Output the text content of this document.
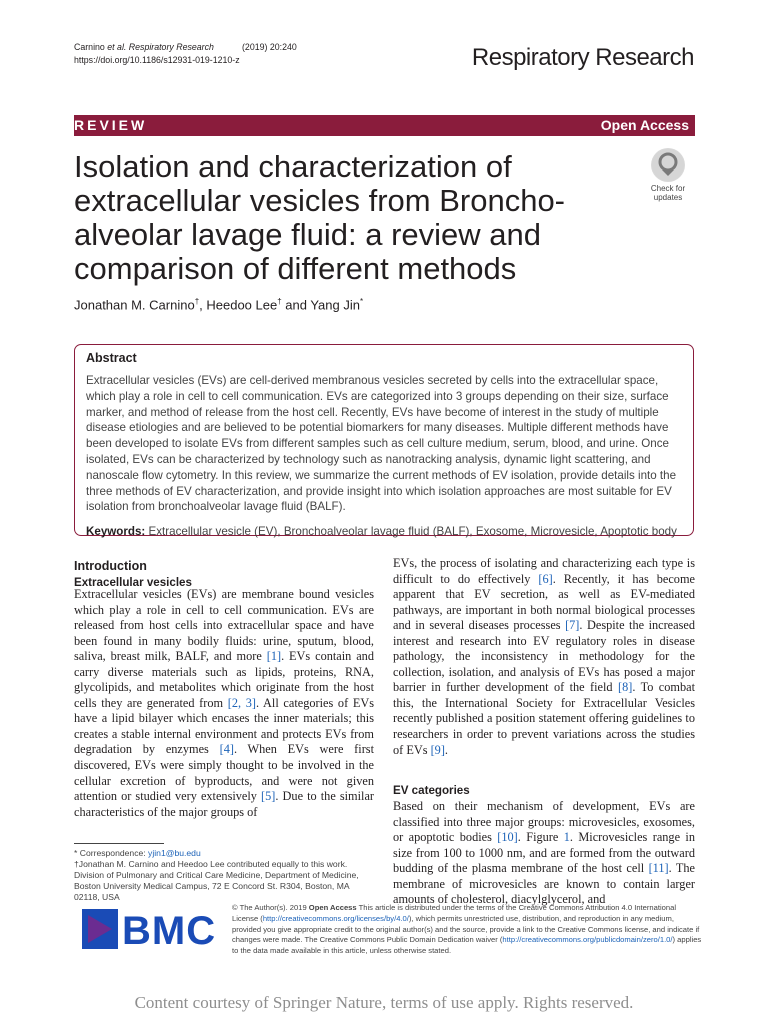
Carnino et al. Respiratory Research	(2019) 20:240
https://doi.org/10.1186/s12931-019-1210-z	Respiratory Research
REVIEW	Open Access
Isolation and characterization of extracellular vesicles from Broncho-alveolar lavage fluid: a review and comparison of different methods
Check for
updates
Jonathan M. Carnino†, Heedoo Lee† and Yang Jin*
Abstract
Extracellular vesicles (EVs) are cell-derived membranous vesicles secreted by cells into the extracellular space, which play a role in cell to cell communication. EVs are categorized into 3 groups depending on their size, surface marker, and method of release from the host cell. Recently, EVs have become of interest in the study of multiple disease etiologies and are believed to be potential biomarkers for many diseases. Multiple different methods have been developed to isolate EVs from different samples such as cell culture medium, serum, blood, and urine. Once isolated, EVs can be characterized by technology such as nanotracking analysis, dynamic light scattering, and nanoscale flow cytometry. In this review, we summarize the current methods of EV isolation, provide details into the three methods of EV characterization, and provide insight into which isolation approaches are most suitable for EV isolation from bronchoalveolar lavage fluid (BALF).
Keywords: Extracellular vesicle (EV), Bronchoalveolar lavage fluid (BALF), Exosome, Microvesicle, Apoptotic body
Introduction
Extracellular vesicles
Extracellular vesicles (EVs) are membrane bound vesicles which play a role in cell to cell communication. EVs are released from host cells into extracellular space and have been found in many bodily fluids: urine, sputum, blood, saliva, breast milk, BALF, and more [1]. EVs contain and carry diverse materials such as lipids, proteins, RNA, glycolipids, and metabolites which originate from the host cells they are generated from [2, 3]. All categories of EVs have a lipid bilayer which encases the inner materials; this creates a stable internal environment and protects EVs from degradation by enzymes [4]. When EVs were first discovered, EVs were simply thought to be involved in the cellular excretion of byproducts, and were not given attention or studied very extensively [5]. Due to the similar characteristics of the major groups of
EVs, the process of isolating and characterizing each type is difficult to do effectively [6]. Recently, it has become apparent that EV secretion, as well as EV-mediated pathways, are important in both normal biological processes and in several diseases processes [7]. Despite the increased interest and research into EV regulatory roles in disease pathology, the inconsistency in methodology for the collection, isolation, and analysis of EVs has posed a major barrier in further development of the field [8]. To combat this, the International Society for Extracellular Vesicles recently published a position statement offering guidelines to researchers in order to prevent variations across the studies of EVs [9].
EV categories
Based on their mechanism of development, EVs are classified into three major groups: microvesicles, exosomes, or apoptotic bodies [10]. Figure 1. Microvesicles range in size from 100 to 1000 nm, and are formed from the outward budding of the plasma membrane of the host cell [11]. The membrane of microvesicles are known to contain larger amounts of cholesterol, diacylglycerol, and
* Correspondence: yjin1@bu.edu
†Jonathan M. Carnino and Heedoo Lee contributed equally to this work.
Division of Pulmonary and Critical Care Medicine, Department of Medicine, Boston University Medical Campus, 72 E Concord St. R304, Boston, MA 02118, USA
BMC
© The Author(s). 2019 Open Access This article is distributed under the terms of the Creative Commons Attribution 4.0 International License (http://creativecommons.org/licenses/by/4.0/), which permits unrestricted use, distribution, and reproduction in any medium, provided you give appropriate credit to the original author(s) and the source, provide a link to the Creative Commons license, and indicate if changes were made. The Creative Commons Public Domain Dedication waiver (http://creativecommons.org/publicdomain/zero/1.0/) applies to the data made available in this article, unless otherwise stated.
Content courtesy of Springer Nature, terms of use apply. Rights reserved.
